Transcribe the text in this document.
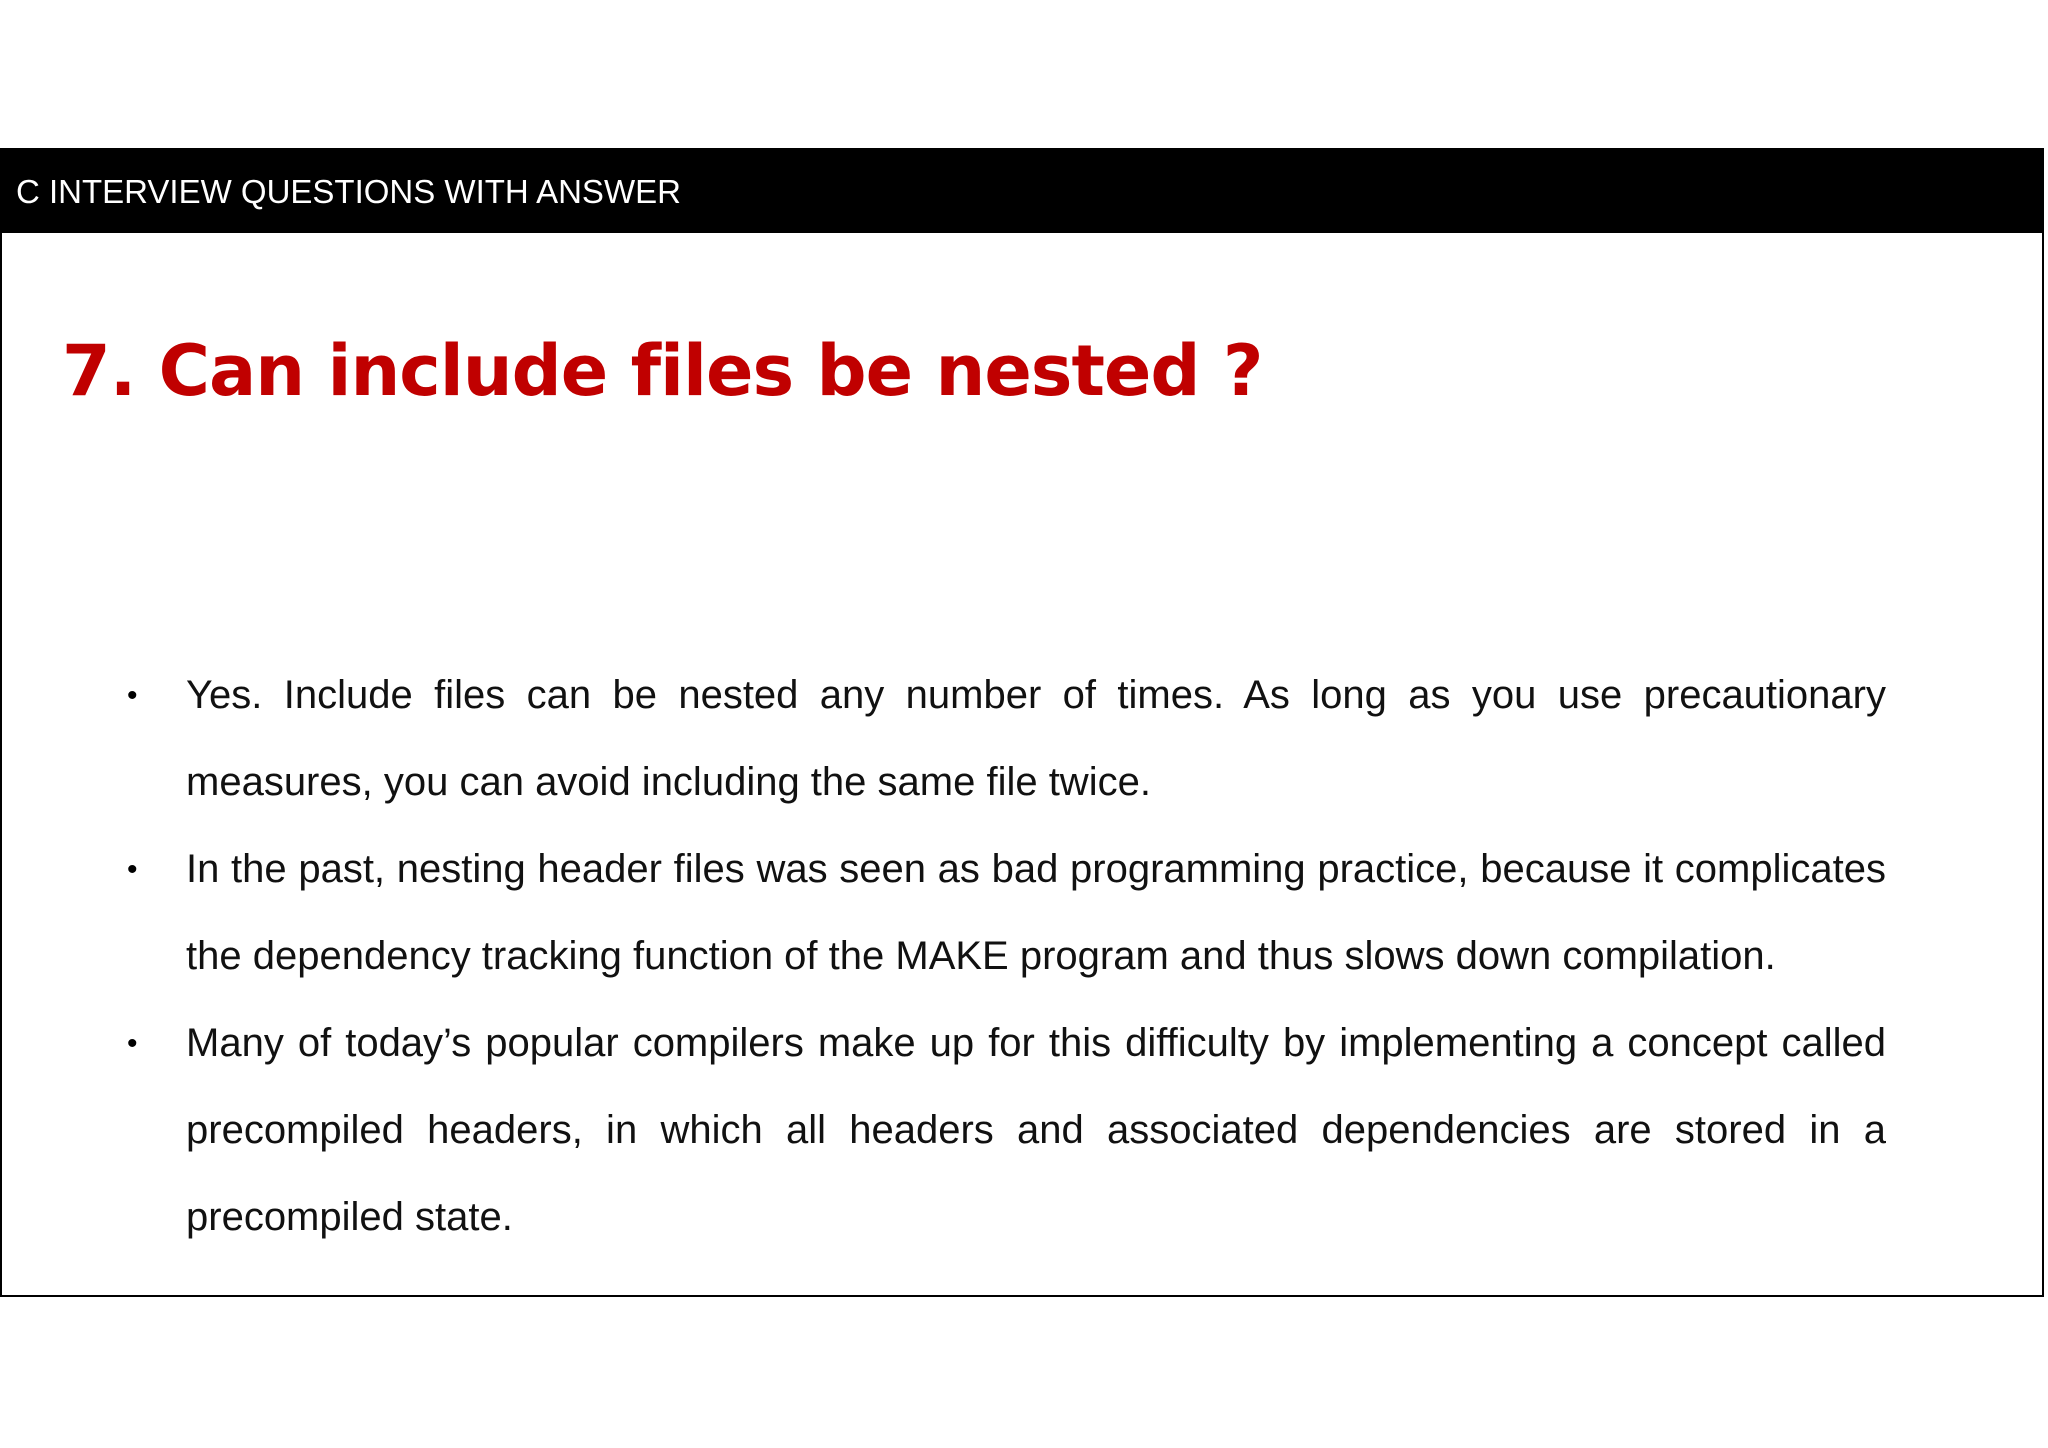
C INTERVIEW QUESTIONS WITH ANSWER
7. Can include files be nested ?
• Yes. Include files can be nested any number of times. As long as you use precautionary measures, you can avoid including the same file twice.
• In the past, nesting header files was seen as bad programming practice, because it complicates the dependency tracking function of the MAKE program and thus slows down compilation.
• Many of today’s popular compilers make up for this difficulty by implementing a concept called precompiled headers, in which all headers and associated dependencies are stored in a precompiled state.
